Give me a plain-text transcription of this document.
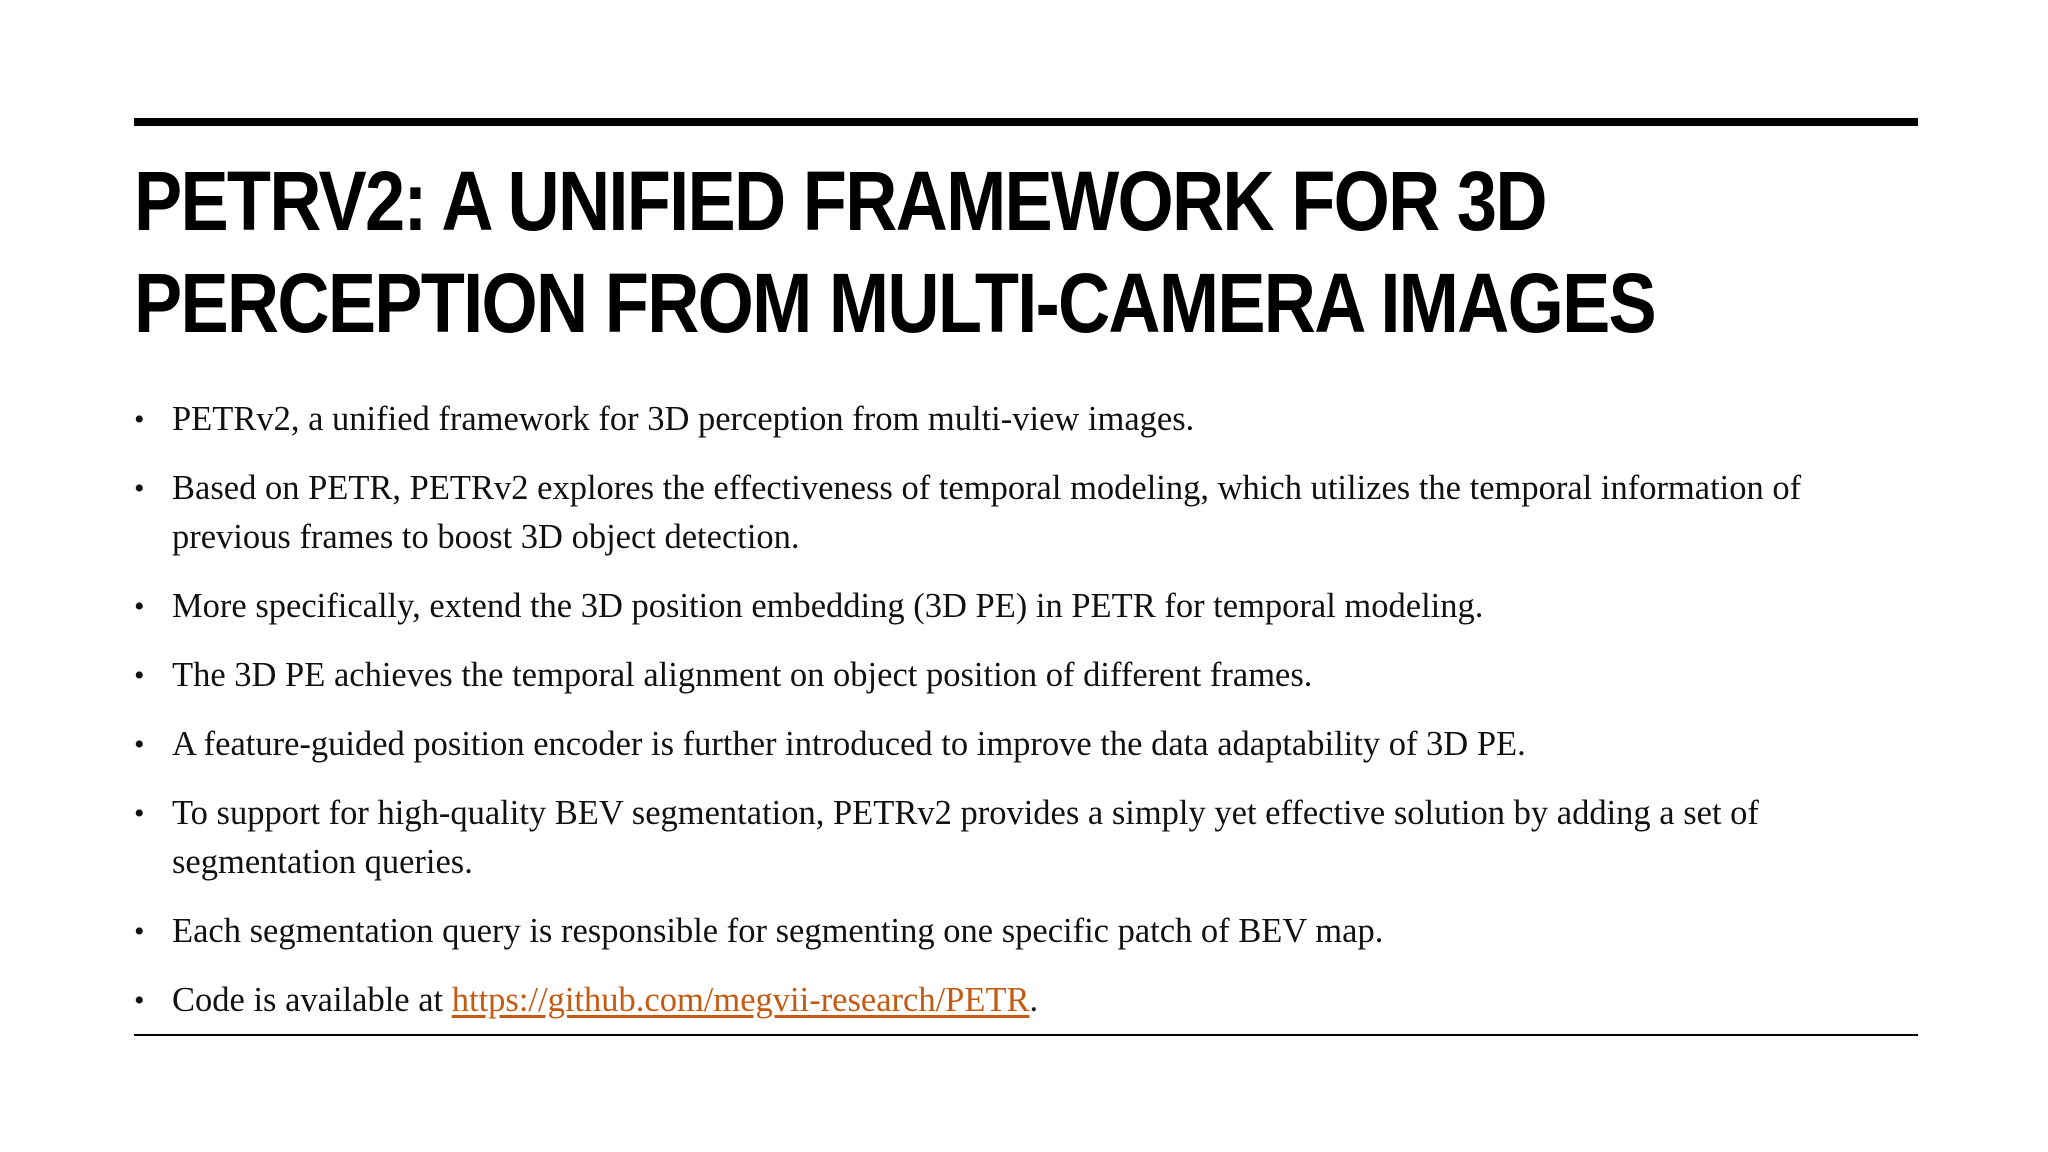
PETRV2: A UNIFIED FRAMEWORK FOR 3D
PERCEPTION FROM MULTI-CAMERA IMAGES
• PETRv2, a unified framework for 3D perception from multi-view images.
• Based on PETR, PETRv2 explores the effectiveness of temporal modeling, which utilizes the temporal information of previous frames to boost 3D object detection.
• More specifically, extend the 3D position embedding (3D PE) in PETR for temporal modeling.
• The 3D PE achieves the temporal alignment on object position of different frames.
• A feature-guided position encoder is further introduced to improve the data adaptability of 3D PE.
• To support for high-quality BEV segmentation, PETRv2 provides a simply yet effective solution by adding a set of segmentation queries.
• Each segmentation query is responsible for segmenting one specific patch of BEV map.
• Code is available at https://github.com/megvii-research/PETR.
